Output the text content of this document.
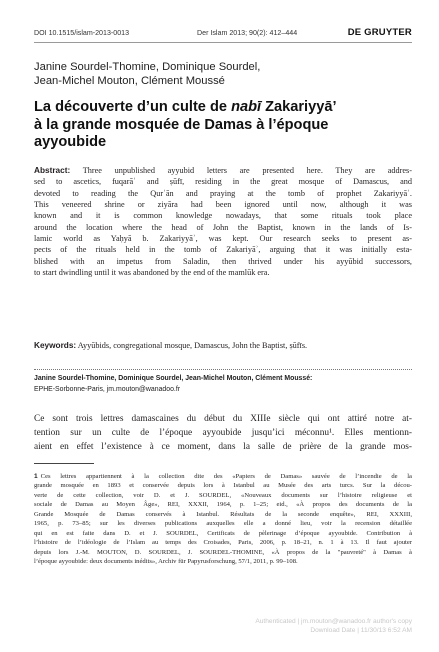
DOI 10.1515/islam-2013-0013	Der Islam 2013; 90(2): 412–444	DE GRUYTER
Janine Sourdel-Thomine, Dominique Sourdel,
Jean-Michel Mouton, Clément Moussé
La découverte d’un culte de nabī Zakariyyā’
à la grande mosquée de Damas à l’époque
ayyoubide
Abstract: Three unpublished ayyubid letters are presented here. They are addres-
sed to ascetics, fuqarāʾ and ṣūfī, residing in the great mosque of Damascus, and
devoted to reading the Qurʾān and praying at the tomb of prophet Zakariyyāʾ.
This veneered shrine or ziyāra had been ignored until now, although it was
known and it is common knowledge nowadays, that some rituals took place
around the location where the head of John the Baptist, known in the lands of Is-
lamic world as Yaḥyā b. Zakariyyāʾ, was kept. Our research seeks to present as-
pects of the rituals held in the tomb of Zakariyāʾ, arguing that it was initially esta-
blished with an impetus from Saladin, then thrived under his ayyūbid successors,
to start dwindling until it was abandoned by the end of the mamlūk era.
Keywords: Ayyūbids, congregational mosque, Damascus, John the Baptist, ṣūfīs.
Janine Sourdel-Thomine, Dominique Sourdel, Jean-Michel Mouton, Clément Moussé:
EPHE-Sorbonne-Paris, jm.mouton@wanadoo.fr
Ce sont trois lettres damascaines du début du XIIIe siècle qui ont attiré notre at-
tention sur un culte de l’époque ayyoubide jusqu’ici méconnu¹. Elles mentionn-
aient en effet l’existence à ce moment, dans la salle de prière de la grande mos-
1 Ces lettres appartiennent à la collection dite des «Papiers de Damas» sauvée de l’incendie de la
grande mosquée en 1893 et conservée depuis lors à Istanbul au Musée des arts turcs. Sur la décou-
verte de cette collection, voir D. et J. SOURDEL, «Nouveaux documents sur l’histoire religieuse et
sociale de Damas au Moyen Âge», REI, XXXII, 1964, p. 1–25; eid., «À propos des documents de la
Grande Mosquée de Damas conservés à Istanbul. Résultats de la seconde enquête», REI, XXXIII,
1965, p. 73–85; sur les diverses publications auxquelles elle a donné lieu, voir la recension détaillée
qui en est faite dans D. et J. SOURDEL, Certificats de pèlerinage d’époque ayyoubide. Contribution à
l’histoire de l’idéologie de l’Islam au temps des Croisades, Paris, 2006, p. 18–21, n. 1 à 13. Il faut ajouter
depuis lors J.-M. MOUTON, D. SOURDEL, J. SOURDEL-THOMINE, «À propos de la "pauvreté" à Damas à
l’époque ayyoubide: deux documents inédits», Archiv für Papyrusforschung, 57/1, 2011, p. 99–108.
Authenticated | jm.mouton@wanadoo.fr author's copy
Download Date | 11/30/13 6:52 AM
